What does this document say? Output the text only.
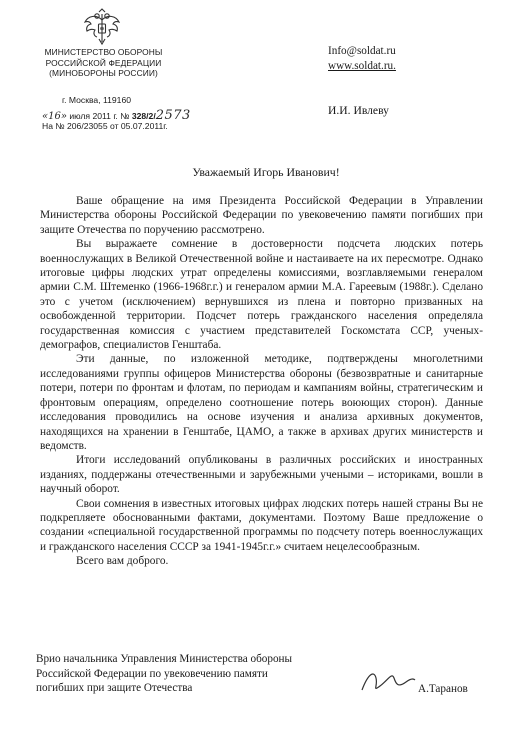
МИНИСТЕРСТВО ОБОРОНЫ
РОССИЙСКОЙ ФЕДЕРАЦИИ
(МИНОБОРОНЫ РОССИИ)
Info@soldat.ru
www.soldat.ru.
г. Москва, 119160
«16» июля 2011 г. № 328/2/2573
На № 206/23055 от 05.07.2011г.
И.И. Ивлеву
Уважаемый Игорь Иванович!

Ваше обращение на имя Президента Российской Федерации в Управлении Министерства обороны Российской Федерации по увековечению памяти погибших при защите Отечества по поручению рассмотрено.

Вы выражаете сомнение в достоверности подсчета людских потерь военнослужащих в Великой Отечественной войне и настаиваете на их пересмотре. Однако итоговые цифры людских утрат определены комиссиями, возглавляемыми генералом армии С.М. Штеменко (1966-1968г.г.) и генералом армии М.А. Гареевым (1988г.). Сделано это с учетом (исключением) вернувшихся из плена и повторно призванных на освобожденной территории. Подсчет потерь гражданского населения определяла государственная комиссия с участием представителей Госкомстата ССР, ученых-демографов, специалистов Генштаба.

Эти данные, по изложенной методике, подтверждены многолетними исследованиями группы офицеров Министерства обороны (безвозвратные и санитарные потери, потери по фронтам и флотам, по периодам и кампаниям войны, стратегическим и фронтовым операциям, определено соотношение потерь воюющих сторон). Данные исследования проводились на основе изучения и анализа архивных документов, находящихся на хранении в Генштабе, ЦАМО, а также в архивах других министерств и ведомств.

Итоги исследований опубликованы в различных российских и иностранных изданиях, поддержаны отечественными и зарубежными учеными – историками, вошли в научный оборот.

Свои сомнения в известных итоговых цифрах людских потерь нашей страны Вы не подкрепляете обоснованными фактами, документами. Поэтому Ваше предложение о создании «специальной государственной программы по подсчету потерь военнослужащих и гражданского населения СССР за 1941-1945г.г.» считаем нецелесообразным.

Всего вам доброго.

Врио начальника Управления Министерства обороны
Российской Федерации по увековечению памяти
погибших при защите Отечества	А.Таранов
